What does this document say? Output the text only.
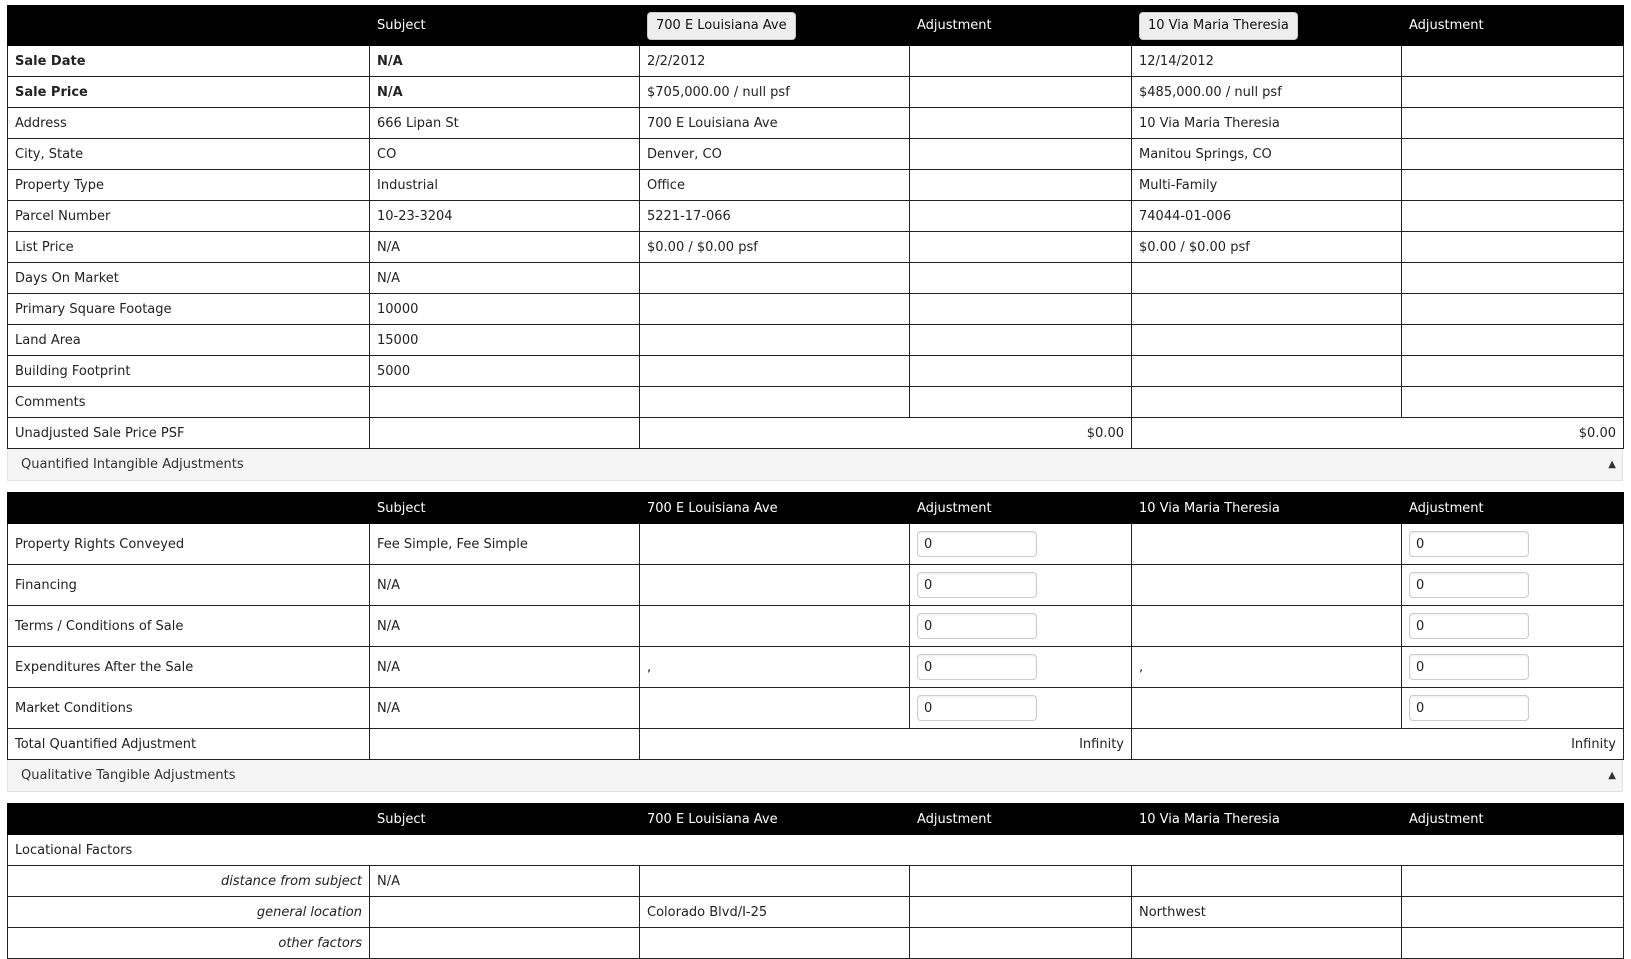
	Subject	700 E Louisiana Ave	Adjustment	10 Via Maria Theresia	Adjustment
Sale Date	N/A	2/2/2012		12/14/2012	
Sale Price	N/A	$705,000.00 / null psf		$485,000.00 / null psf	
Address	666 Lipan St	700 E Louisiana Ave		10 Via Maria Theresia	
City, State	CO	Denver, CO		Manitou Springs, CO	
Property Type	Industrial	Office		Multi-Family	
Parcel Number	10-23-3204	5221-17-066		74044-01-006	
List Price	N/A	$0.00 / $0.00 psf		$0.00 / $0.00 psf	
Days On Market	N/A				
Primary Square Footage	10000				
Land Area	15000				
Building Footprint	5000				
Comments					
Unadjusted Sale Price PSF		$0.00		$0.00	
Quantified Intangible Adjustments	▲
	Subject	700 E Louisiana Ave	Adjustment	10 Via Maria Theresia	Adjustment
Property Rights Conveyed	Fee Simple, Fee Simple		0		0
Financing	N/A		0		0
Terms / Conditions of Sale	N/A		0		0
Expenditures After the Sale	N/A	,	0	,	0
Market Conditions	N/A		0		0
Total Quantified Adjustment		Infinity		Infinity	
Qualitative Tangible Adjustments	▲
	Subject	700 E Louisiana Ave	Adjustment	10 Via Maria Theresia	Adjustment
Locational Factors					
distance from subject	N/A				
general location		Colorado Blvd/I-25		Northwest	
other factors					
